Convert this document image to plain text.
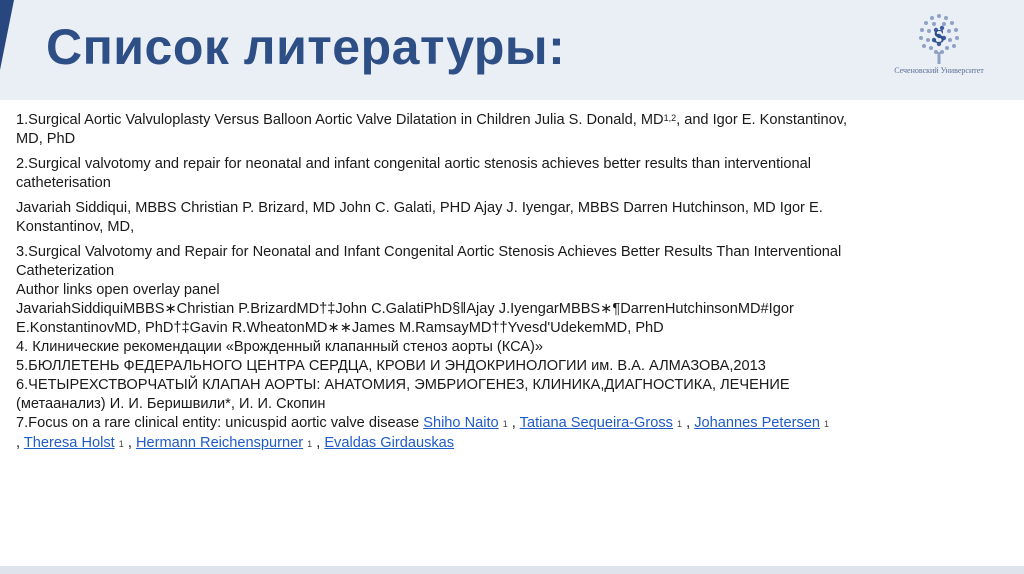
Список литературы:	S
Сеченовский Университет

1.Surgical Aortic Valvuloplasty Versus Balloon Aortic Valve Dilatation in Children Julia S. Donald, MD$^{1,2}$, and Igor E. Konstantinov,
MD, PhD

2.Surgical valvotomy and repair for neonatal and infant congenital aortic stenosis achieves better results than interventional
catheterisation

Javariah Siddiqui, MBBS Christian P. Brizard, MD John C. Galati, PHD Ajay J. Iyengar, MBBS Darren Hutchinson, MD Igor E.
Konstantinov, MD,

3.Surgical Valvotomy and Repair for Neonatal and Infant Congenital Aortic Stenosis Achieves Better Results Than Interventional
Catheterization
Author links open overlay panel
JavariahSiddiquiMBBS∗Christian P.BrizardMD†‡John C.GalatiPhD§‖Ajay J.IyengarMBBS∗¶DarrenHutchinsonMD#Igor
E.KonstantinovMD, PhD†‡Gavin R.WheatonMD∗∗James M.RamsayMD††Yvesd'UdekemMD, PhD

4. Клинические рекомендации «Врожденный клапанный стеноз аорты (КСА)»

5.БЮЛЛЕТЕНЬ ФЕДЕРАЛЬНОГО ЦЕНТРА СЕРДЦА, КРОВИ И ЭНДОКРИНОЛОГИИ им. В.А. АЛМАЗОВА,2013

6.ЧЕТЫРЕХСТВОРЧАТЫЙ КЛАПАН АОРТЫ: АНАТОМИЯ, ЭМБРИОГЕНЕЗ, КЛИНИКА,ДИАГНОСТИКА, ЛЕЧЕНИЕ
(метаанализ) И. И. Беришвили*, И. И. Скопин

7.Focus on a rare clinical entity: unicuspid aortic valve disease Shiho Naito 1 , Tatiana Sequeira-Gross 1 , Johannes Petersen 1
, Theresa Holst 1 , Hermann Reichenspurner 1 , Evaldas Girdauskas
